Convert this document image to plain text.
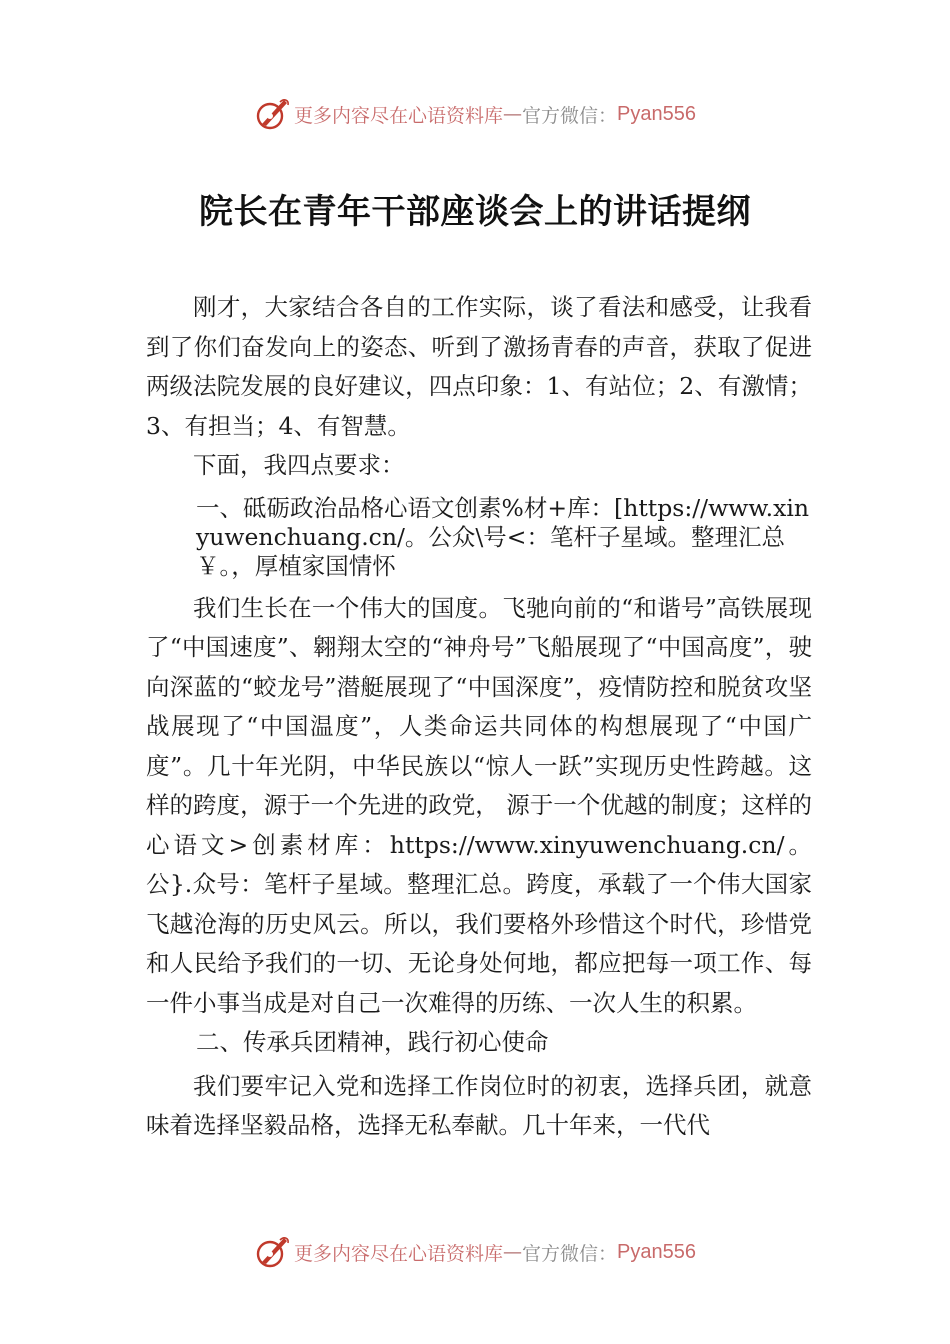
更多内容尽在心语资料库 — 官方微信： Pyan556
院长在青年干部座谈会上的讲话提纲

刚才，大家结合各自的工作实际，谈了看法和感受，让我看到了你们奋发向上的姿态、听到了激扬青春的声音，获取了促进两级法院发展的良好建议，四点印象：1、有站位；2、有激情；3、有担当；4、有智慧。

下面，我四点要求：

一、砥砺政治品格心语文创素%材+库：[https://www.xinyuwenchuang.cn/。公众\号<：笔杆子星域。整理汇总￥。，厚植家国情怀

我们生长在一个伟大的国度。飞驰向前的“和谐号”高铁展现了“中国速度”、翱翔太空的“神舟号”飞船展现了“中国高度”，驶向深蓝的“蛟龙号”潜艇展现了“中国深度”，疫情防控和脱贫攻坚战展现了“中国温度”，人类命运共同体的构想展现了“中国广度”。几十年光阴，中华民族以“惊人一跃”实现历史性跨越。这样的跨度，源于一个先进的政党， 源于一个优越的制度；这样的心语文>创素材库：https://www.xinyuwenchuang.cn/。公}.众号：笔杆子星域。整理汇总。跨度，承载了一个伟大国家飞越沧海的历史风云。所以，我们要格外珍惜这个时代，珍惜党和人民给予我们的一切、无论身处何地，都应把每一项工作、每一件小事当成是对自己一次难得的历练、一次人生的积累。

二、传承兵团精神，践行初心使命

我们要牢记入党和选择工作岗位时的初衷，选择兵团，就意味着选择坚毅品格，选择无私奉献。几十年来，一代代

更多内容尽在心语资料库 — 官方微信： Pyan556
